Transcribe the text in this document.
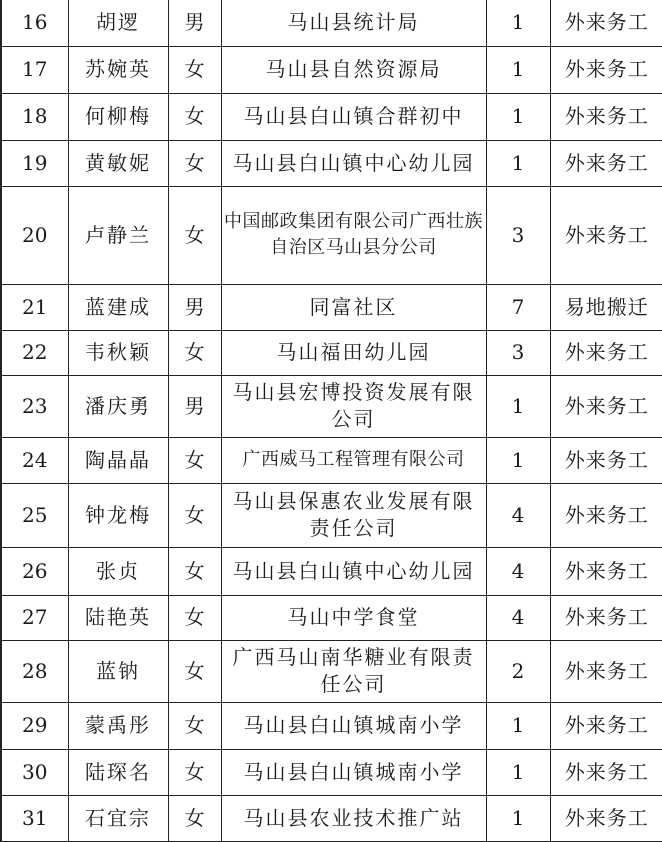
16	胡逻	男	马山县统计局	1	外来务工
17	苏婉英	女	马山县自然资源局	1	外来务工
18	何柳梅	女	马山县白山镇合群初中	1	外来务工
19	黄敏妮	女	马山县白山镇中心幼儿园	1	外来务工
20	卢静兰	女	中国邮政集团有限公司广西壮族自治区马山县分公司	3	外来务工
21	蓝建成	男	同富社区	7	易地搬迁
22	韦秋颖	女	马山福田幼儿园	3	外来务工
23	潘庆勇	男	马山县宏博投资发展有限公司	1	外来务工
24	陶晶晶	女	广西威马工程管理有限公司	1	外来务工
25	钟龙梅	女	马山县保惠农业发展有限责任公司	4	外来务工
26	张贞	女	马山县白山镇中心幼儿园	4	外来务工
27	陆艳英	女	马山中学食堂	4	外来务工
28	蓝钠	女	广西马山南华糖业有限责任公司	2	外来务工
29	蒙禹彤	女	马山县白山镇城南小学	1	外来务工
30	陆琛名	女	马山县白山镇城南小学	1	外来务工
31	石宜宗	女	马山县农业技术推广站	1	外来务工
